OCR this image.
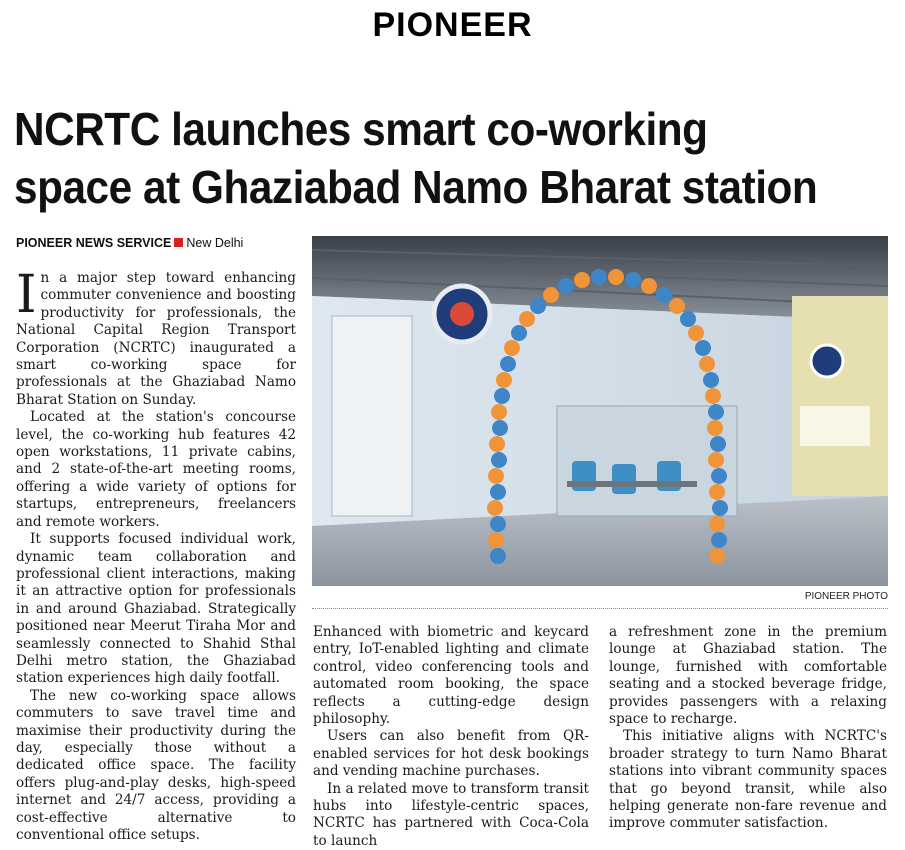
PIONEER
NCRTC launches smart co-working space at Ghaziabad Namo Bharat station
PIONEER NEWS SERVICE New Delhi

In a major step toward enhancing commuter convenience and boosting productivity for professionals, the National Capital Region Transport Corporation (NCRTC) inaugurated a smart co-working space for professionals at the Ghaziabad Namo Bharat Station on Sunday.

Located at the station's concourse level, the co-working hub features 42 open workstations, 11 private cabins, and 2 state-of-the-art meeting rooms, offering a wide variety of options for startups, entrepreneurs, freelancers and remote workers.

It supports focused individual work, dynamic team collaboration and professional client interactions, making it an attractive option for professionals in and around Ghaziabad. Strategically positioned near Meerut Tiraha Mor and seamlessly connected to Shahid Sthal Delhi metro station, the Ghaziabad station experiences high daily footfall.

The new co-working space allows commuters to save travel time and maximise their productivity during the day, especially those without a dedicated office space. The facility offers plug-and-play desks, high-speed internet and 24/7 access, providing a cost-effective alternative to conventional office setups.

PIONEER PHOTO

Enhanced with biometric and keycard entry, IoT-enabled lighting and climate control, video conferencing tools and automated room booking, the space reflects a cutting-edge design philosophy.

Users can also benefit from QR-enabled services for hot desk bookings and vending machine purchases.

In a related move to transform transit hubs into lifestyle-centric spaces, NCRTC has partnered with Coca-Cola to launch

a refreshment zone in the premium lounge at Ghaziabad station. The lounge, furnished with comfortable seating and a stocked beverage fridge, provides passengers with a relaxing space to recharge.

This initiative aligns with NCRTC's broader strategy to turn Namo Bharat stations into vibrant community spaces that go beyond transit, while also helping generate non-fare revenue and improve commuter satisfaction.
